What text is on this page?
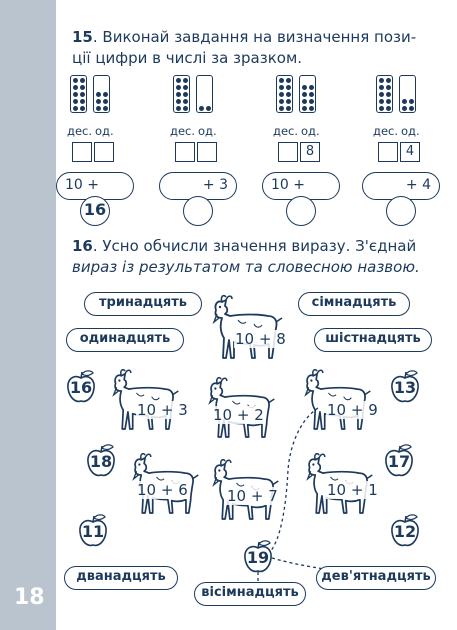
18
15. Виконай завдання на визначення пози-
ції цифри в числі за зразком.
дес. од.
10 +
16
дес. од.
+ 3
дес. од.
8
10 +
дес. од.
4
+ 4
16. Усно обчисли значення виразу. З'єднай
вираз із результатом та словесною назвою.
10 + 8
10 + 3 10 + 2	10 + 9
10 + 6	10 + 7	10 + 1
16
18
11
13
17
12
19
тринадцять
одинадцять
сімнадцять
шістнадцять
дванадцять
вісімнадцять
дев'ятнадцять
